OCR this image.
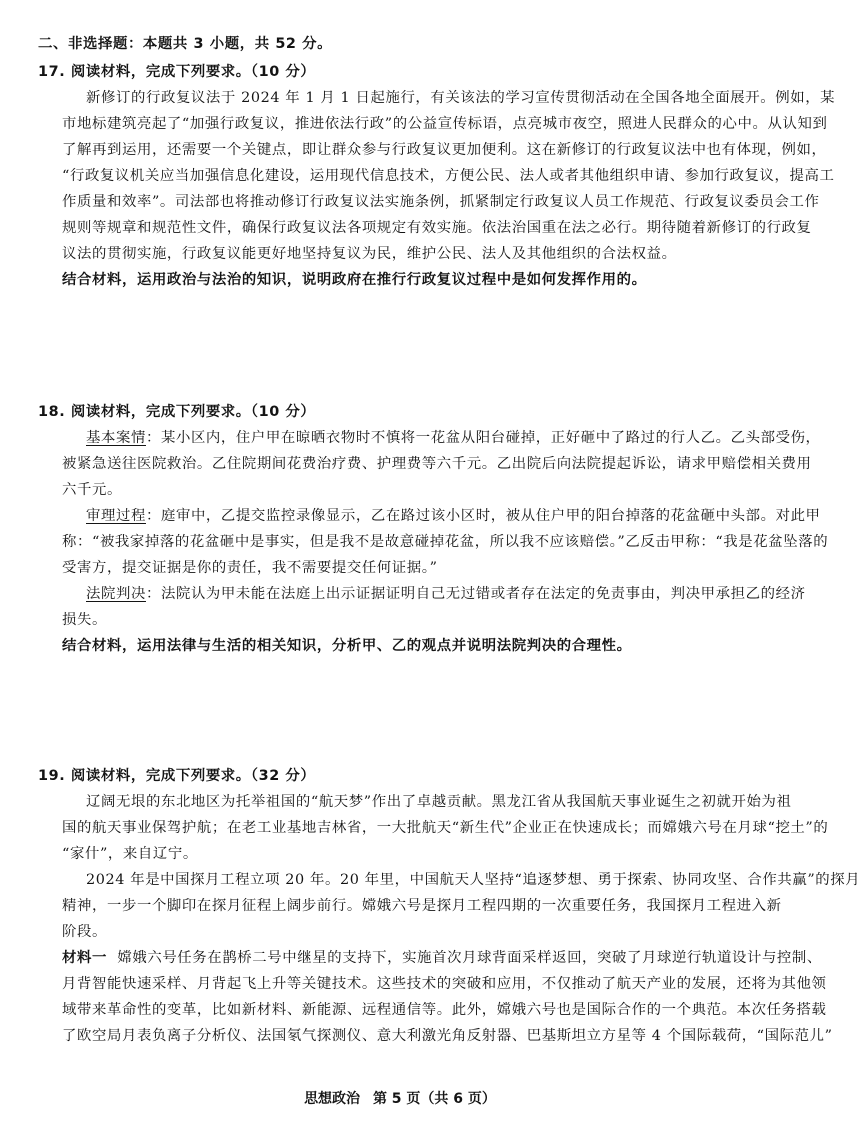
二、非选择题：本题共 3 小题，共 52 分。
17. 阅读材料，完成下列要求。（10 分）
新修订的行政复议法于 2024 年 1 月 1 日起施行，有关该法的学习宣传贯彻活动在全国各地全面展开。例如，某
市地标建筑亮起了“加强行政复议，推进依法行政”的公益宣传标语，点亮城市夜空，照进人民群众的心中。从认知到
了解再到运用，还需要一个关键点，即让群众参与行政复议更加便利。这在新修订的行政复议法中也有体现，例如，
“行政复议机关应当加强信息化建设，运用现代信息技术，方便公民、法人或者其他组织申请、参加行政复议，提高工
作质量和效率”。司法部也将推动修订行政复议法实施条例，抓紧制定行政复议人员工作规范、行政复议委员会工作
规则等规章和规范性文件，确保行政复议法各项规定有效实施。依法治国重在法之必行。期待随着新修订的行政复
议法的贯彻实施，行政复议能更好地坚持复议为民，维护公民、法人及其他组织的合法权益。
结合材料，运用政治与法治的知识，说明政府在推行行政复议过程中是如何发挥作用的。
18. 阅读材料，完成下列要求。（10 分）
基本案情：某小区内，住户甲在晾晒衣物时不慎将一花盆从阳台碰掉，正好砸中了路过的行人乙。乙头部受伤，
被紧急送往医院救治。乙住院期间花费治疗费、护理费等六千元。乙出院后向法院提起诉讼，请求甲赔偿相关费用
六千元。
审理过程：庭审中，乙提交监控录像显示，乙在路过该小区时，被从住户甲的阳台掉落的花盆砸中头部。对此甲
称：“被我家掉落的花盆砸中是事实，但是我不是故意碰掉花盆，所以我不应该赔偿。”乙反击甲称：“我是花盆坠落的
受害方，提交证据是你的责任，我不需要提交任何证据。”
法院判决：法院认为甲未能在法庭上出示证据证明自己无过错或者存在法定的免责事由，判决甲承担乙的经济
损失。
结合材料，运用法律与生活的相关知识，分析甲、乙的观点并说明法院判决的合理性。
19. 阅读材料，完成下列要求。（32 分）
辽阔无垠的东北地区为托举祖国的“航天梦”作出了卓越贡献。黑龙江省从我国航天事业诞生之初就开始为祖
国的航天事业保驾护航；在老工业基地吉林省，一大批航天“新生代”企业正在快速成长；而嫦娥六号在月球“挖土”的
“家什”，来自辽宁。
2024 年是中国探月工程立项 20 年。20 年里，中国航天人坚持“追逐梦想、勇于探索、协同攻坚、合作共赢”的探月
精神，一步一个脚印在探月征程上阔步前行。嫦娥六号是探月工程四期的一次重要任务，我国探月工程进入新
阶段。
材料一 嫦娥六号任务在鹊桥二号中继星的支持下，实施首次月球背面采样返回，突破了月球逆行轨道设计与控制、
月背智能快速采样、月背起飞上升等关键技术。这些技术的突破和应用，不仅推动了航天产业的发展，还将为其他领
域带来革命性的变革，比如新材料、新能源、远程通信等。此外，嫦娥六号也是国际合作的一个典范。本次任务搭载
了欧空局月表负离子分析仪、法国氡气探测仪、意大利激光角反射器、巴基斯坦立方星等 4 个国际载荷，“国际范儿”
思想政治 第 5 页（共 6 页）
